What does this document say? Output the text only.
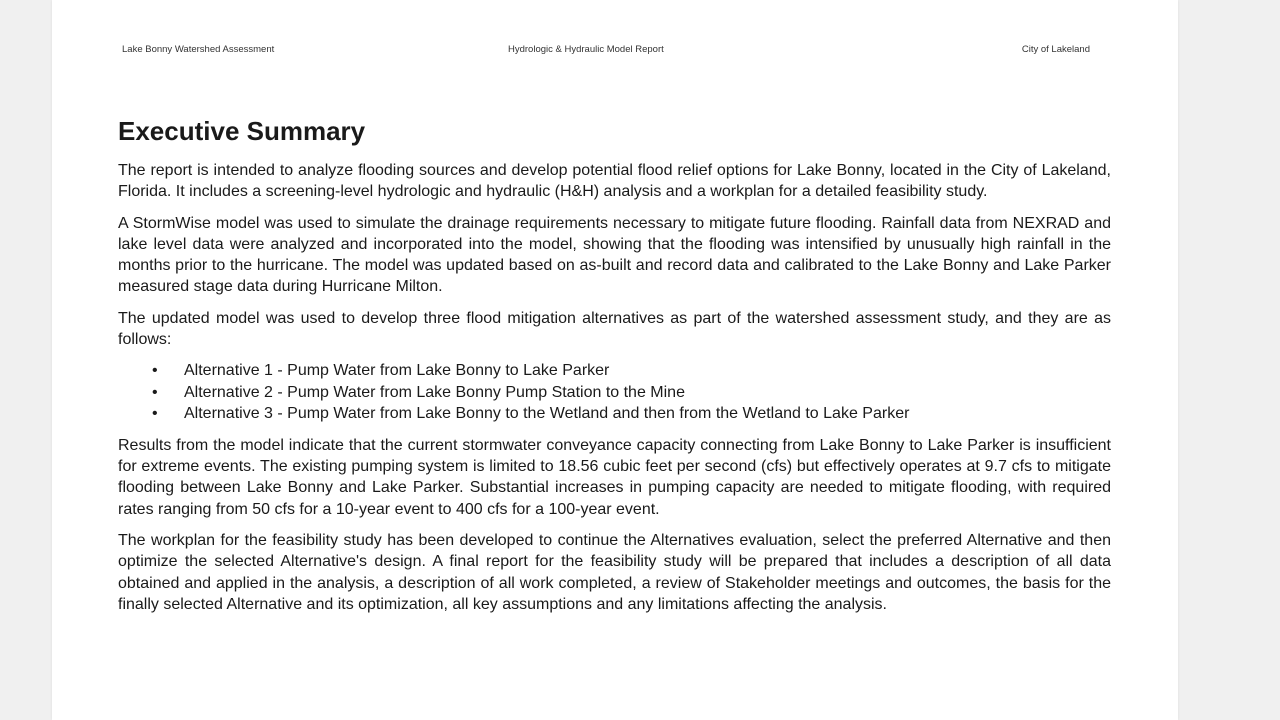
Lake Bonny Watershed Assessment	Hydrologic & Hydraulic Model Report	City of Lakeland
Executive Summary

The report is intended to analyze flooding sources and develop potential flood relief options for Lake Bonny, located in the City of Lakeland, Florida. It includes a screening-level hydrologic and hydraulic (H&H) analysis and a workplan for a detailed feasibility study.

A StormWise model was used to simulate the drainage requirements necessary to mitigate future flooding. Rainfall data from NEXRAD and lake level data were analyzed and incorporated into the model, showing that the flooding was intensified by unusually high rainfall in the months prior to the hurricane. The model was updated based on as-built and record data and calibrated to the Lake Bonny and Lake Parker measured stage data during Hurricane Milton.

The updated model was used to develop three flood mitigation alternatives as part of the watershed assessment study, and they are as follows:

• Alternative 1 - Pump Water from Lake Bonny to Lake Parker
• Alternative 2 - Pump Water from Lake Bonny Pump Station to the Mine
• Alternative 3 - Pump Water from Lake Bonny to the Wetland and then from the Wetland to Lake Parker

Results from the model indicate that the current stormwater conveyance capacity connecting from Lake Bonny to Lake Parker is insufficient for extreme events. The existing pumping system is limited to 18.56 cubic feet per second (cfs) but effectively operates at 9.7 cfs to mitigate flooding between Lake Bonny and Lake Parker. Substantial increases in pumping capacity are needed to mitigate flooding, with required rates ranging from 50 cfs for a 10-year event to 400 cfs for a 100-year event.

The workplan for the feasibility study has been developed to continue the Alternatives evaluation, select the preferred Alternative and then optimize the selected Alternative's design. A final report for the feasibility study will be prepared that includes a description of all data obtained and applied in the analysis, a description of all work completed, a review of Stakeholder meetings and outcomes, the basis for the finally selected Alternative and its optimization, all key assumptions and any limitations affecting the analysis.
